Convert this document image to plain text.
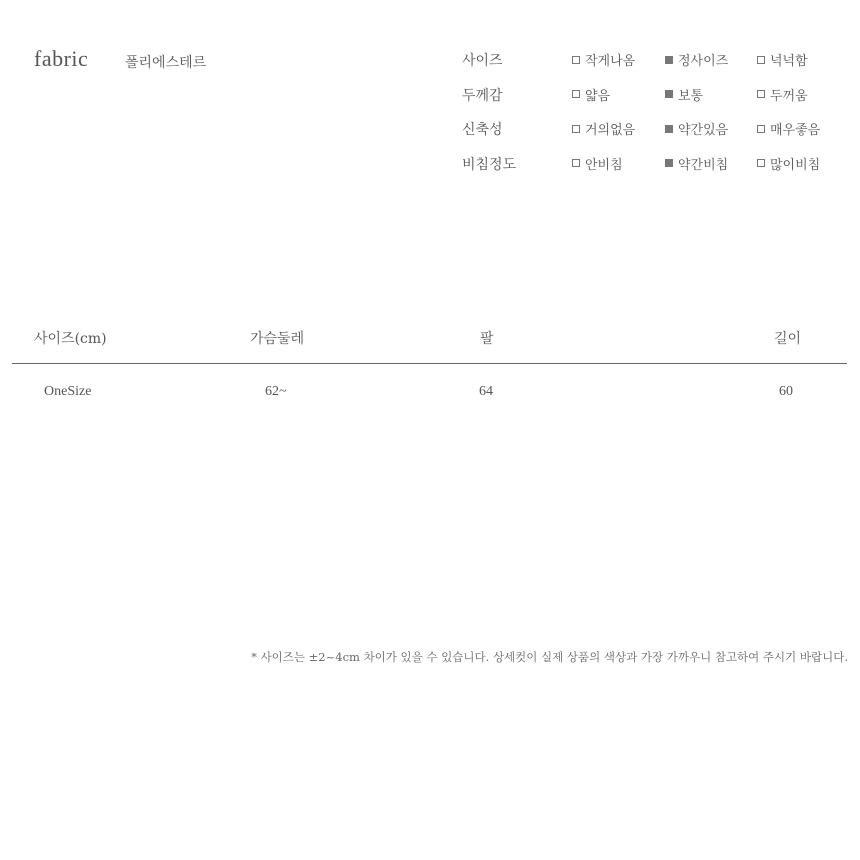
fabric	폴리에스테르	사이즈	작게나옴	정사이즈	넉넉함
두께감	얇음	보통	두꺼움
신축성	거의없음	약간있음	매우좋음
비침정도	안비침	약간비침	많이비침
사이즈(cm)	가슴둘레	팔	길이
OneSize	62~	64	60
* 사이즈는 ±2~4cm 차이가 있을 수 있습니다. 상세컷이 실제 상품의 색상과 가장 가까우니 참고하여 주시기 바랍니다.
